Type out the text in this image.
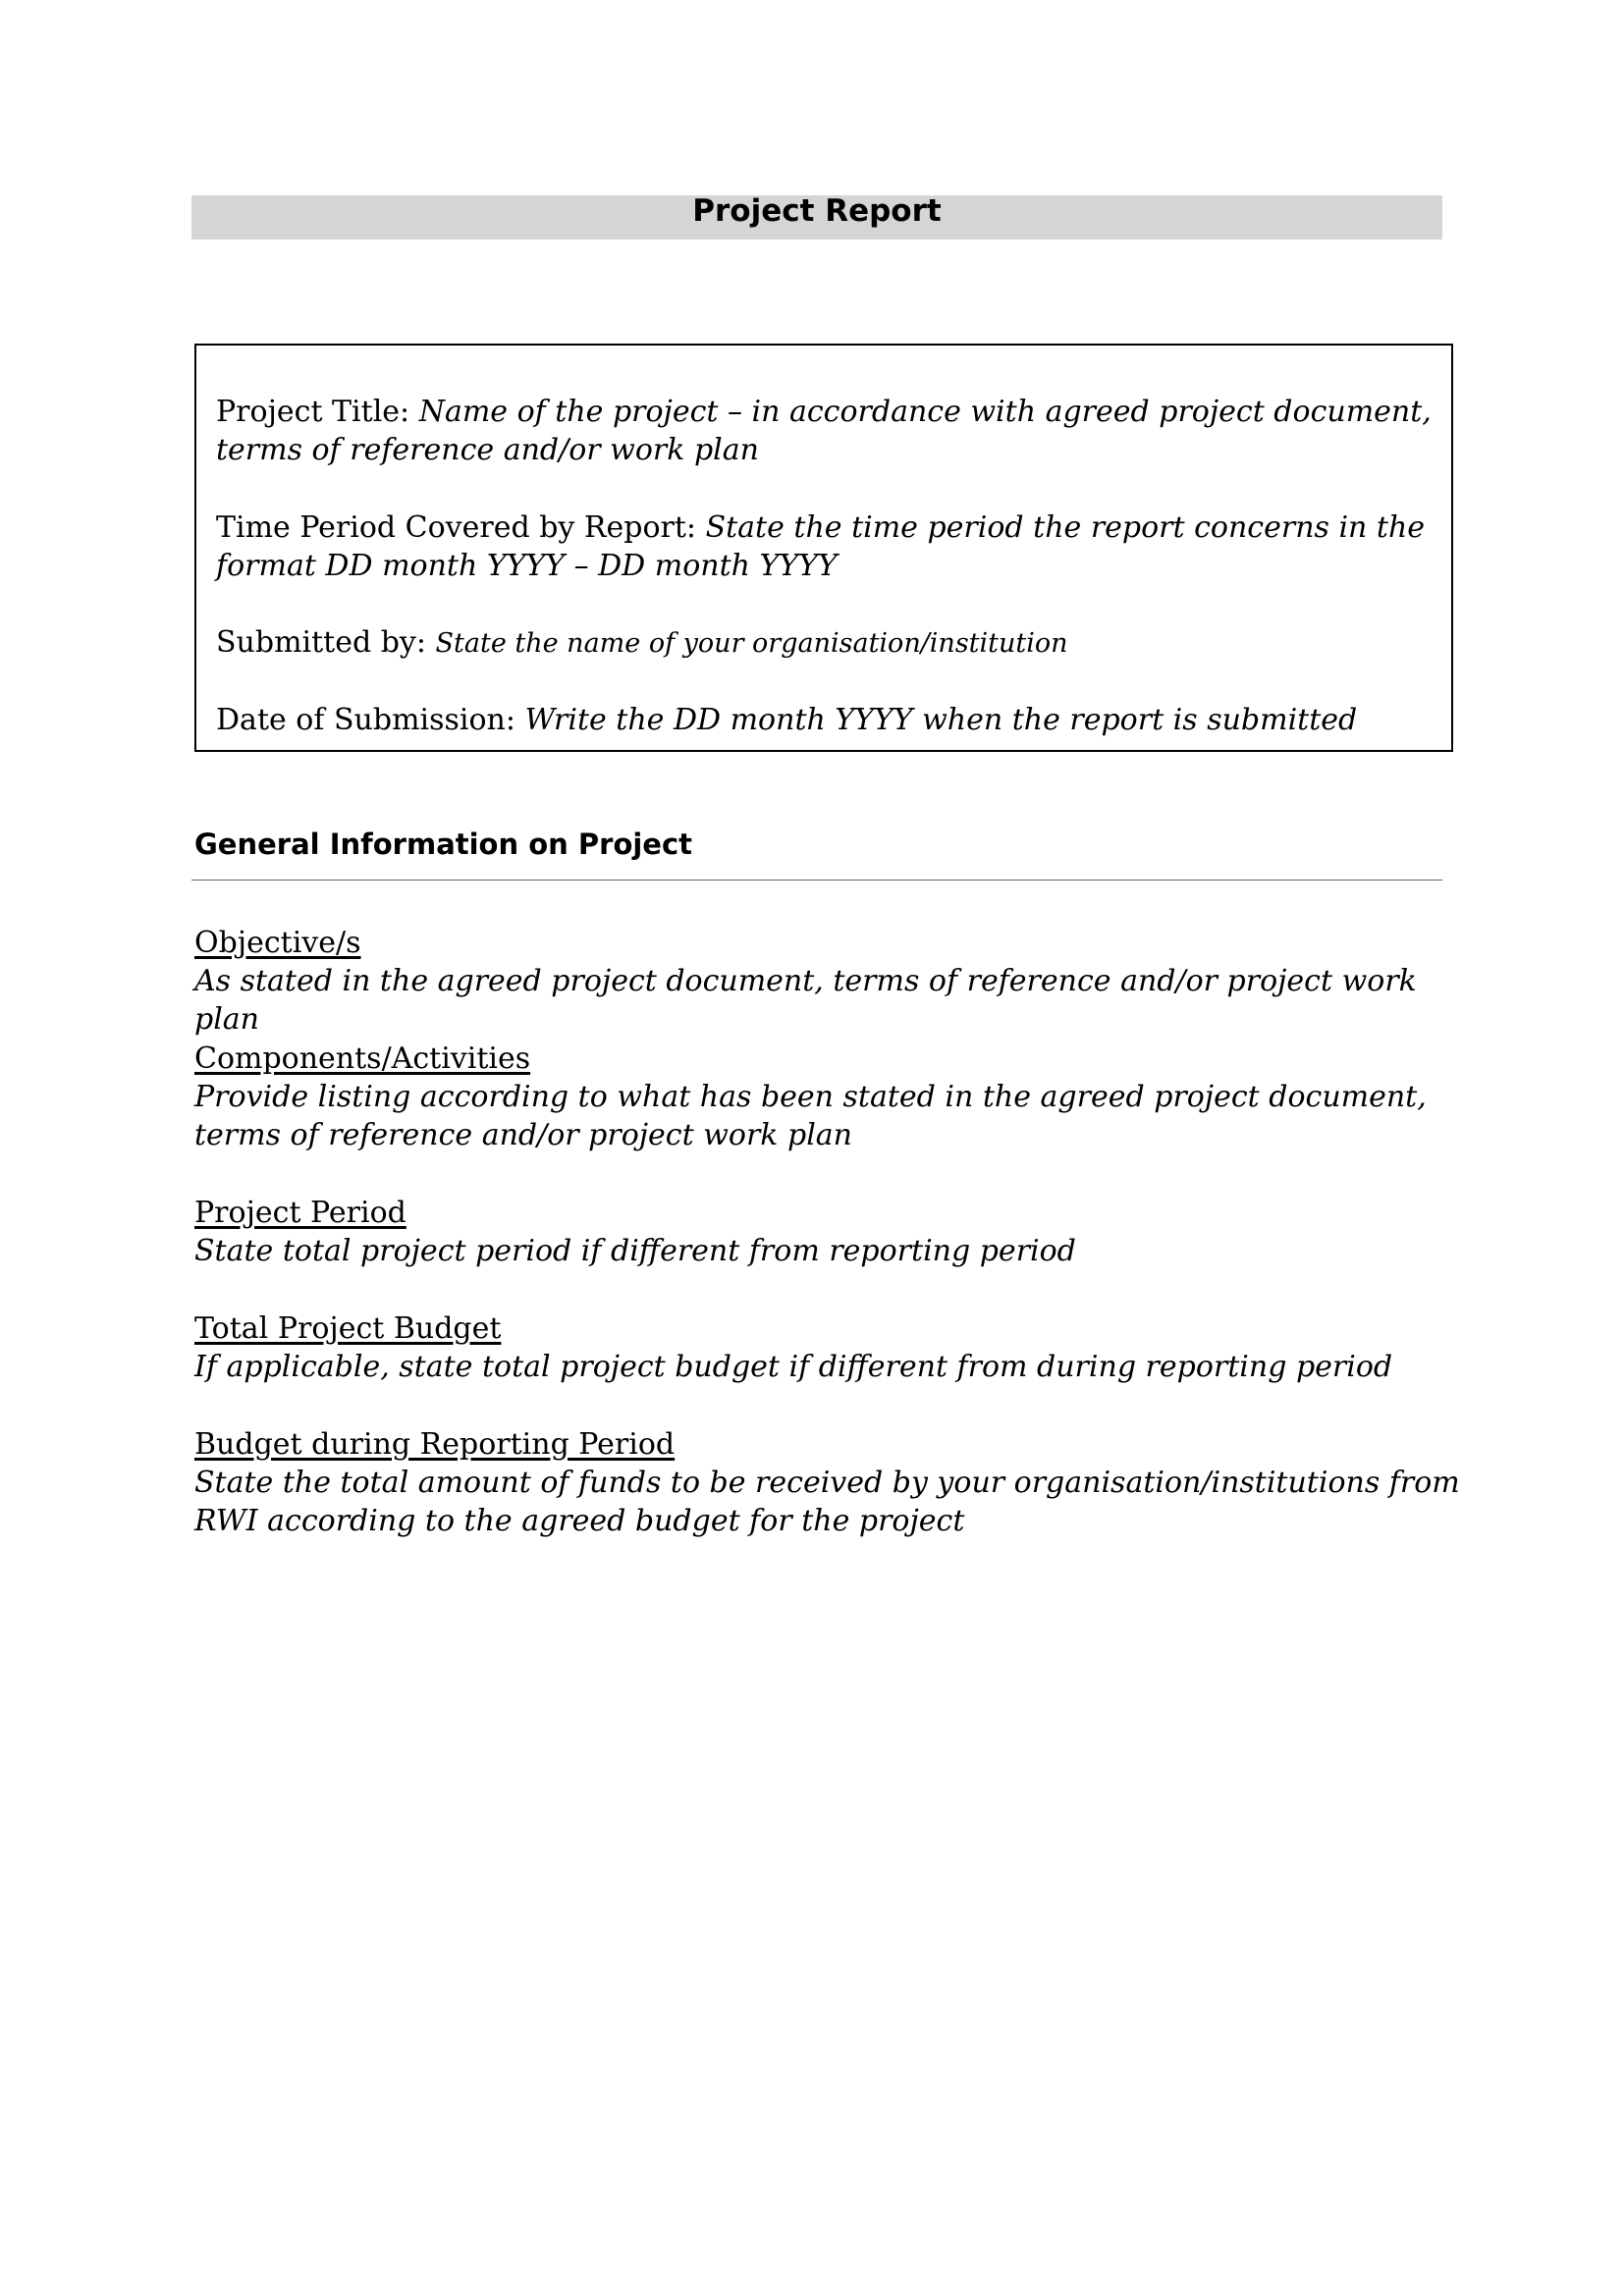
Project Report

Project Title: Name of the project – in accordance with agreed project document, terms of reference and/or work plan

Time Period Covered by Report: State the time period the report concerns in the format DD month YYYY – DD month YYYY

Submitted by: State the name of your organisation/institution

Date of Submission: Write the DD month YYYY when the report is submitted

General Information on Project

Objective/s
As stated in the agreed project document, terms of reference and/or project work plan

Components/Activities
Provide listing according to what has been stated in the agreed project document, terms of reference and/or project work plan

Project Period
State total project period if different from reporting period

Total Project Budget
If applicable, state total project budget if different from during reporting period

Budget during Reporting Period
State the total amount of funds to be received by your organisation/institutions from RWI according to the agreed budget for the project
